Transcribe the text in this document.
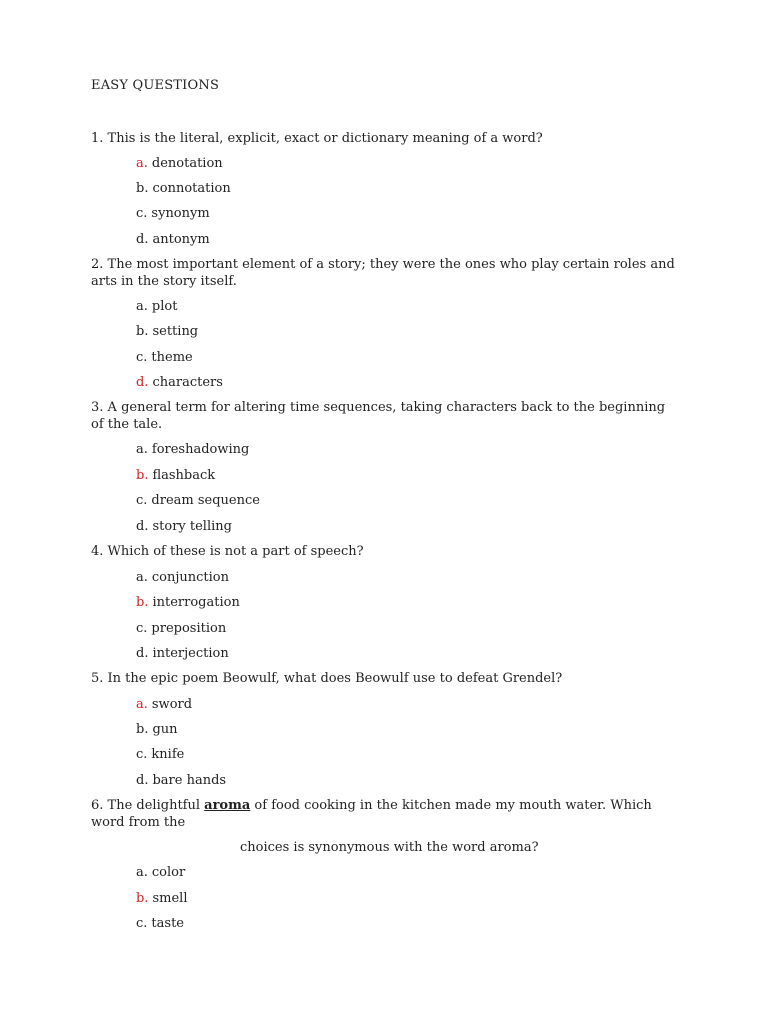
EASY QUESTIONS
1. This is the literal, explicit, exact or dictionary meaning of a word?
a. denotation
b. connotation
c. synonym
d. antonym
2. The most important element of a story; they were the ones who play certain roles and arts in the story itself.
a. plot
b. setting
c. theme
d. characters
3. A general term for altering time sequences, taking characters back to the beginning of the tale.
a. foreshadowing
b. flashback
c. dream sequence
d. story telling
4. Which of these is not a part of speech?
a. conjunction
b. interrogation
c. preposition
d. interjection
5. In the epic poem Beowulf, what does Beowulf use to defeat Grendel?
a. sword
b. gun
c. knife
d. bare hands
6. The delightful aroma of food cooking in the kitchen made my mouth water. Which word from the
choices is synonymous with the word aroma?
a. color
b. smell
c. taste
